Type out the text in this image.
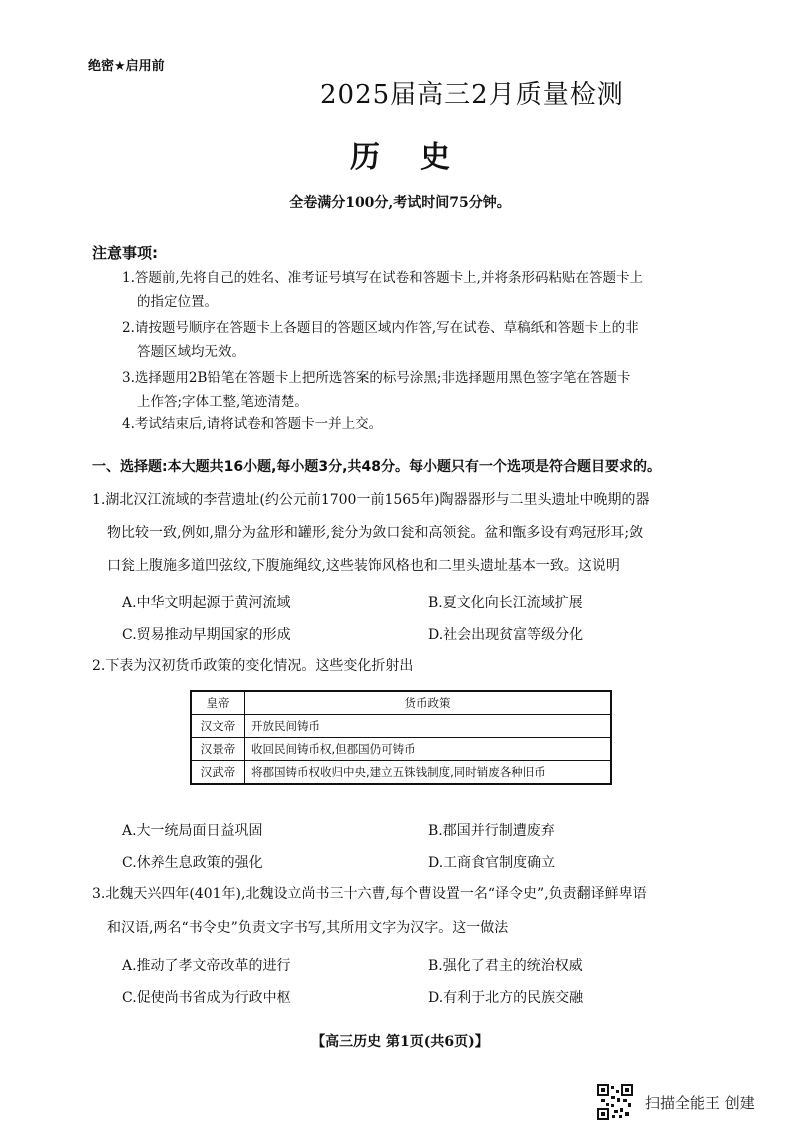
绝密★启用前
2025届高三2月质量检测
历史
全卷满分100分,考试时间75分钟。
注意事项:
1.答题前,先将自己的姓名、准考证号填写在试卷和答题卡上,并将条形码粘贴在答题卡上
的指定位置。
2.请按题号顺序在答题卡上各题目的答题区域内作答,写在试卷、草稿纸和答题卡上的非
答题区域均无效。
3.选择题用2B铅笔在答题卡上把所选答案的标号涂黑;非选择题用黑色签字笔在答题卡
上作答;字体工整,笔迹清楚。
4.考试结束后,请将试卷和答题卡一并上交。
一、选择题:本大题共16小题,每小题3分,共48分。每小题只有一个选项是符合题目要求的。
1.湖北汉江流域的李营遗址(约公元前1700一前1565年)陶器器形与二里头遗址中晚期的器
物比较一致,例如,鼎分为盆形和罐形,瓮分为敛口瓮和高领瓮。盆和甑多设有鸡冠形耳;敛
口瓮上腹施多道凹弦纹,下腹施绳纹,这些装饰风格也和二里头遗址基本一致。这说明
A.中华文明起源于黄河流域	B.夏文化向长江流域扩展
C.贸易推动早期国家的形成	D.社会出现贫富等级分化
2.下表为汉初货币政策的变化情况。这些变化折射出
皇帝	货币政策
汉文帝	开放民间铸币
汉景帝	收回民间铸币权,但郡国仍可铸币
汉武帝	将郡国铸币权收归中央,建立五铢钱制度,同时销废各种旧币
A.大一统局面日益巩固	B.郡国并行制遭废弃
C.休养生息政策的强化	D.工商食官制度确立
3.北魏天兴四年(401年),北魏设立尚书三十六曹,每个曹设置一名“译令史”,负责翻译鲜卑语
和汉语,两名“书令史”负责文字书写,其所用文字为汉字。这一做法
A.推动了孝文帝改革的进行	B.强化了君主的统治权威
C.促使尚书省成为行政中枢	D.有利于北方的民族交融
【高三历史 第1页(共6页)】
扫描全能王 创建
